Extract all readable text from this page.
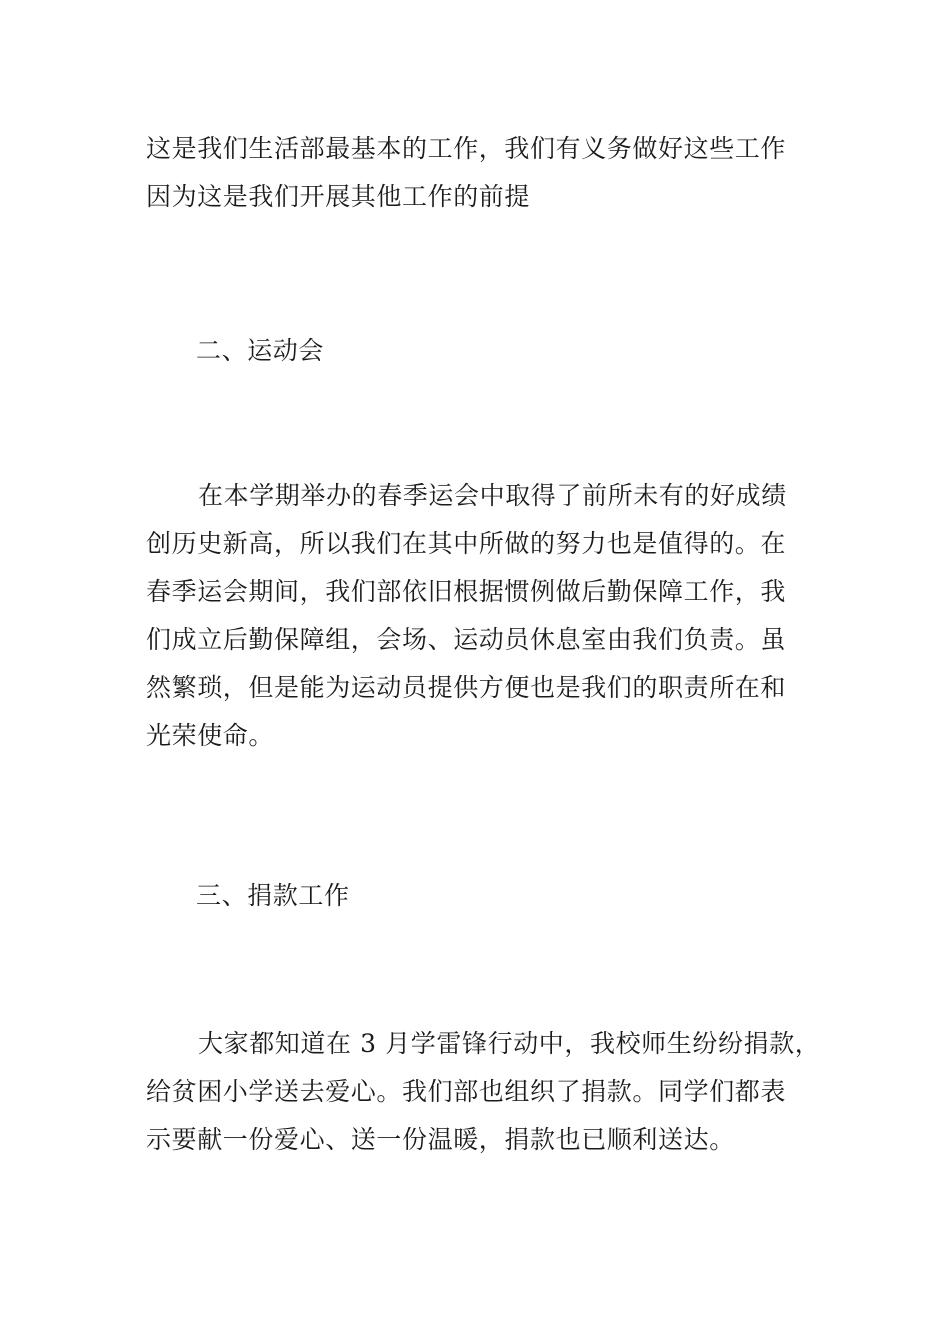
这是我们生活部最基本的工作，我们有义务做好这些工作
因为这是我们开展其他工作的前提
二、运动会
在本学期举办的春季运会中取得了前所未有的好成绩
创历史新高，所以我们在其中所做的努力也是值得的。在
春季运会期间，我们部依旧根据惯例做后勤保障工作，我
们成立后勤保障组，会场、运动员休息室由我们负责。虽
然繁琐，但是能为运动员提供方便也是我们的职责所在和
光荣使命。
三、捐款工作
大家都知道在 3 月学雷锋行动中，我校师生纷纷捐款，
给贫困小学送去爱心。我们部也组织了捐款。同学们都表
示要献一份爱心、送一份温暖，捐款也已顺利送达。
